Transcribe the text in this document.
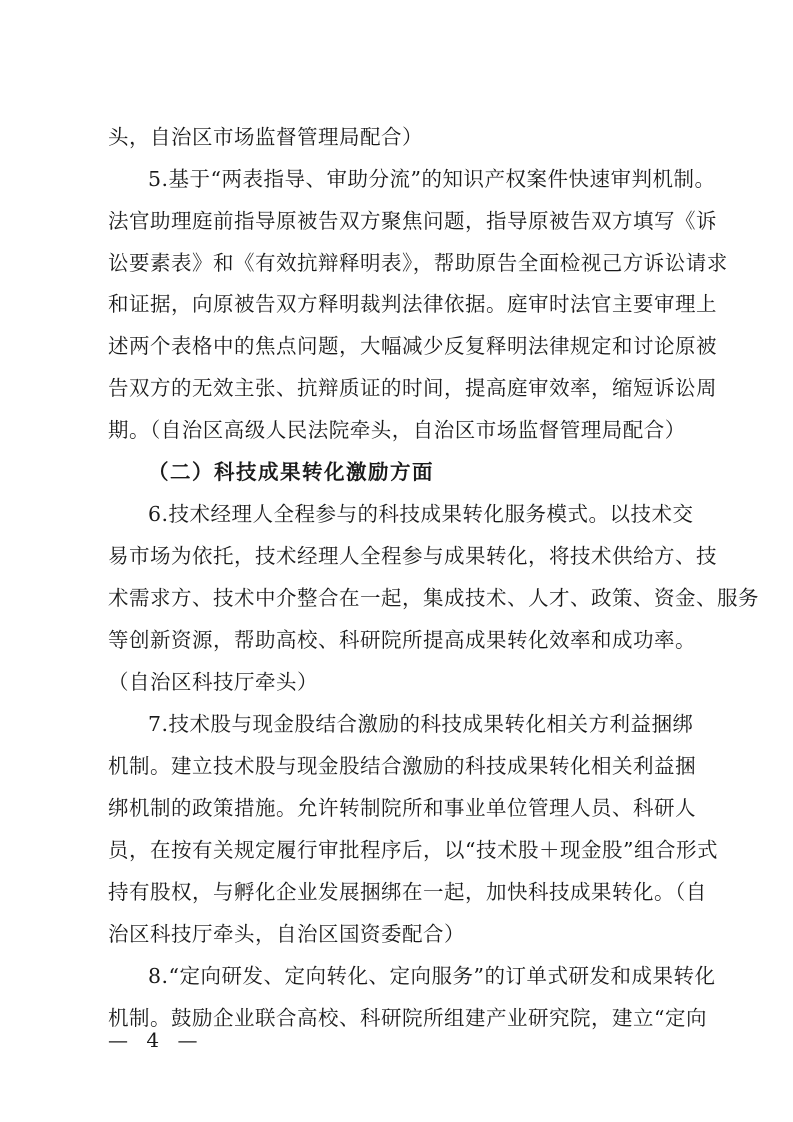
头，自治区市场监督管理局配合）
5.基于“两表指导、审助分流”的知识产权案件快速审判机制。
法官助理庭前指导原被告双方聚焦问题，指导原被告双方填写《诉
讼要素表》和《有效抗辩释明表》，帮助原告全面检视己方诉讼请求
和证据，向原被告双方释明裁判法律依据。庭审时法官主要审理上
述两个表格中的焦点问题，大幅减少反复释明法律规定和讨论原被
告双方的无效主张、抗辩质证的时间，提高庭审效率，缩短诉讼周
期。（自治区高级人民法院牵头，自治区市场监督管理局配合）
（二）科技成果转化激励方面
6.技术经理人全程参与的科技成果转化服务模式。以技术交
易市场为依托，技术经理人全程参与成果转化，将技术供给方、技
术需求方、技术中介整合在一起，集成技术、人才、政策、资金、服务
等创新资源，帮助高校、科研院所提高成果转化效率和成功率。
（自治区科技厅牵头）
7.技术股与现金股结合激励的科技成果转化相关方利益捆绑
机制。建立技术股与现金股结合激励的科技成果转化相关利益捆
绑机制的政策措施。允许转制院所和事业单位管理人员、科研人
员，在按有关规定履行审批程序后，以“技术股＋现金股”组合形式
持有股权，与孵化企业发展捆绑在一起，加快科技成果转化。（自
治区科技厅牵头，自治区国资委配合）
8.“定向研发、定向转化、定向服务”的订单式研发和成果转化
机制。鼓励企业联合高校、科研院所组建产业研究院，建立“定向
— 4 —
